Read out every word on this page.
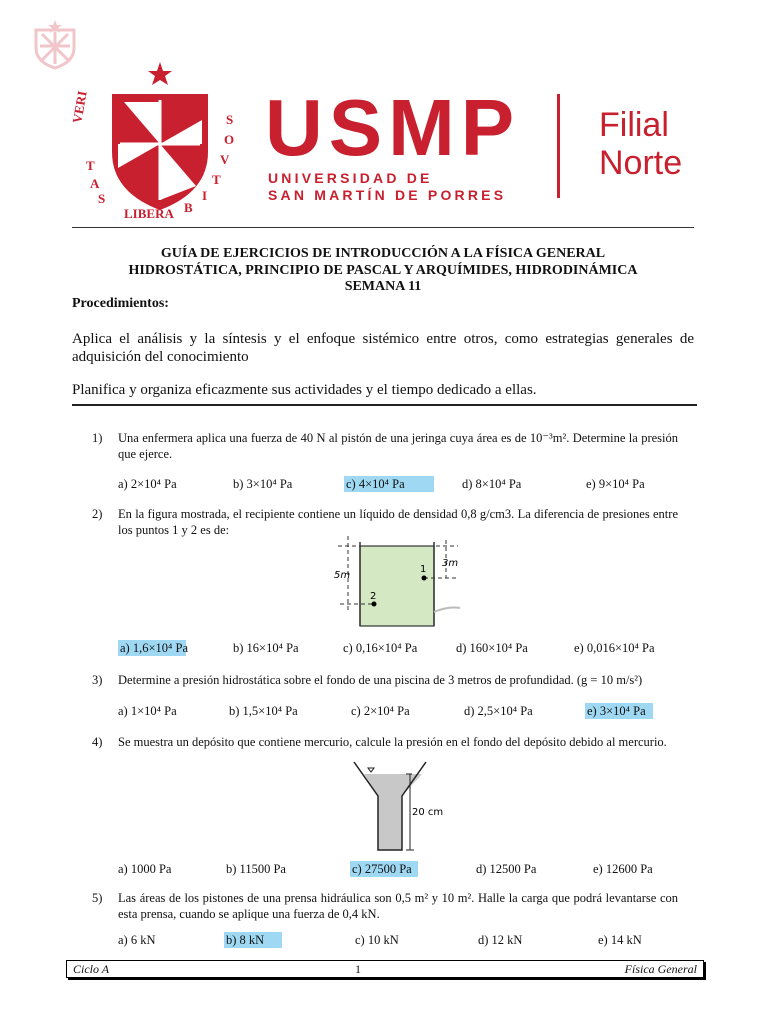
VERI
T
A
S
LIBERA B
I
T
V
O
S USMP
UNIVERSIDAD DE
SAN MARTÍN DE PORRES
Filial
Norte
GUÍA DE EJERCICIOS DE INTRODUCCIÓN A LA FÍSICA GENERAL
HIDROSTÁTICA, PRINCIPIO DE PASCAL Y ARQUÍMIDES, HIDRODINÁMICA
SEMANA 11
Procedimientos:
Aplica el análisis y la síntesis y el enfoque sistémico entre otros, como estrategias generales de adquisición del conocimiento
Planifica y organiza eficazmente sus actividades y el tiempo dedicado a ellas.
1) Una enfermera aplica una fuerza de 40 N al pistón de una jeringa cuya área es de 10⁻³m². Determine la presión que ejerce.
a) 2×10⁴ Pa	b) 3×10⁴ Pa	c) 4×10⁴ Pa	d) 8×10⁴ Pa	e) 9×10⁴ Pa
2) En la figura mostrada, el recipiente contiene un líquido de densidad 0,8 g/cm3. La diferencia de presiones entre los puntos 1 y 2 es de:
5m
3m
1
2
a) 1,6×10⁴ Pa	b) 16×10⁴ Pa	c) 0,16×10⁴ Pa	d) 160×10⁴ Pa	e) 0,016×10⁴ Pa
3) Determine a presión hidrostática sobre el fondo de una piscina de 3 metros de profundidad. (g = 10 m/s²)
a) 1×10⁴ Pa	b) 1,5×10⁴ Pa	c) 2×10⁴ Pa	d) 2,5×10⁴ Pa	e) 3×10⁴ Pa
4) Se muestra un depósito que contiene mercurio, calcule la presión en el fondo del depósito debido al mercurio.
20 cm
a) 1000 Pa	b) 11500 Pa	c) 27500 Pa	d) 12500 Pa	e) 12600 Pa
5) Las áreas de los pistones de una prensa hidráulica son 0,5 m² y 10 m². Halle la carga que podrá levantarse con esta prensa, cuando se aplique una fuerza de 0,4 kN.
a) 6 kN	b) 8 kN	c) 10 kN	d) 12 kN	e) 14 kN
Ciclo A	1	Física General
